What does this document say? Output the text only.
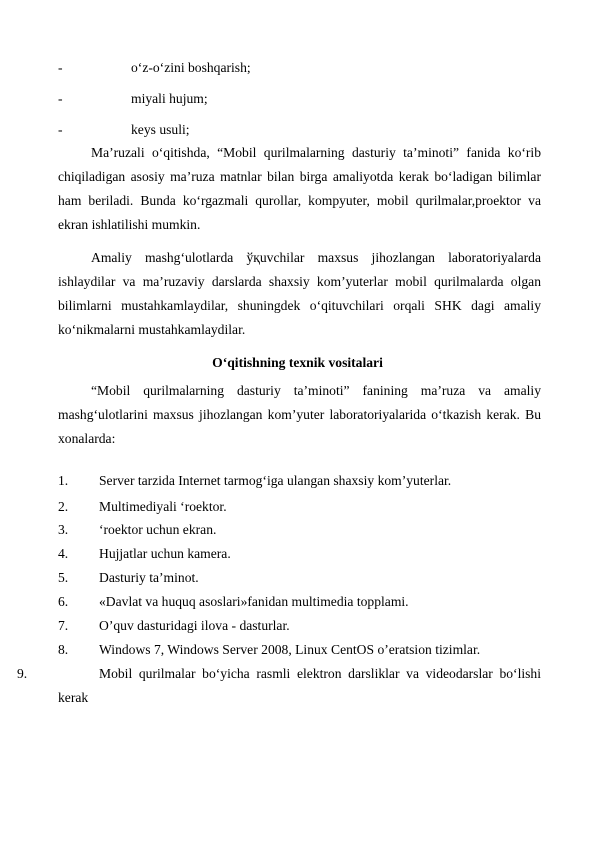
-	o‘z-o‘zini boshqarish;
-	miyali hujum;
-	keys usuli;

Ma’ruzali o‘qitishda, “Mobil qurilmalarning dasturiy ta’minoti” fanida ko‘rib chiqiladigan asosiy ma’ruza matnlar bilan birga amaliyotda kerak bo‘ladigan bilimlar ham beriladi. Bunda ko‘rgazmali qurollar, kompyuter, mobil qurilmalar,proektor va ekran ishlatilishi mumkin.

Amaliy mashg‘ulotlarda ўқuvchilar maxsus jihozlangan laboratoriyalarda ishlaydilar va ma’ruzaviy darslarda shaxsiy kom’yuterlar mobil qurilmalarda olgan bilimlarni mustahkamlaydilar, shuningdek o‘qituvchilari orqali SHK dagi amaliy ko‘nikmalarni mustahkamlaydilar.

O‘qitishning texnik vositalari

“Mobil qurilmalarning dasturiy ta’minoti” fanining ma’ruza va amaliy mashg‘ulotlarini maxsus jihozlangan kom’yuter laboratoriyalarida o‘tkazish kerak. Bu xonalarda:

1. Server tarzida Internet tarmog‘iga ulangan shaxsiy kom’yuterlar.
2. Multimediyali ‘roektor.
3. ‘roektor uchun ekran.
4. Hujjatlar uchun kamera.
5. Dasturiy ta’minot.
6. «Davlat va huquq asoslari»fanidan multimedia topplami.
7. O’quv dasturidagi ilova - dasturlar.
8. Windows 7, Windows Server 2008, Linux CentOS o’eratsion tizimlar.

9.	Mobil qurilmalar bo‘yicha rasmli elektron darsliklar va videodarslar bo‘lishi kerak
